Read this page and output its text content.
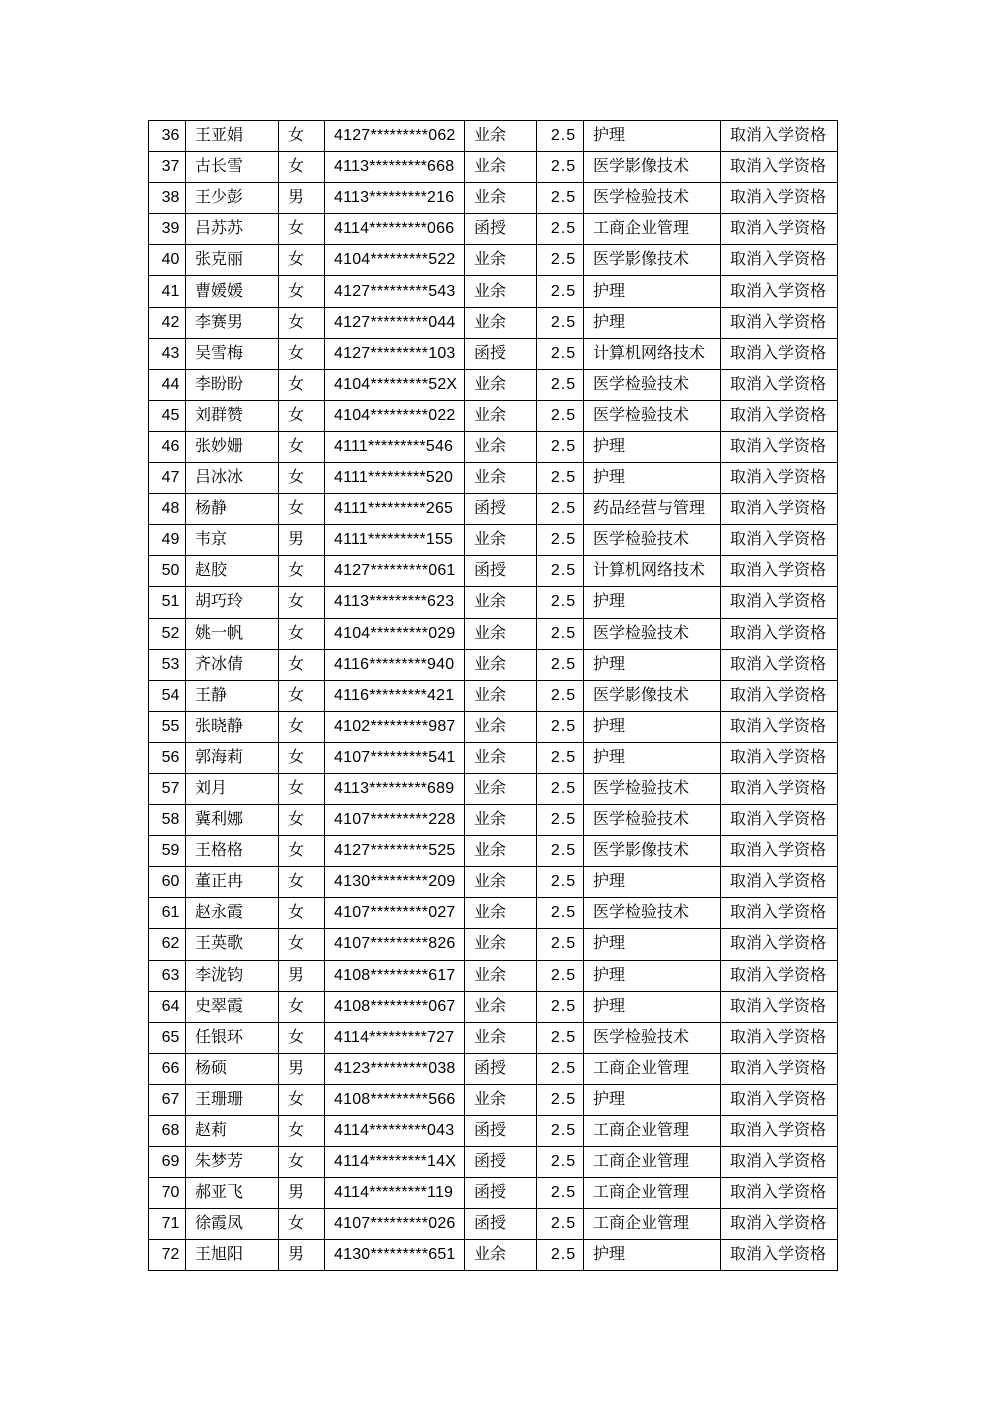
36	王亚娟	女	4127*********062	业余	2.5	护理	取消入学资格
37	古长雪	女	4113*********668	业余	2.5	医学影像技术	取消入学资格
38	王少彭	男	4113*********216	业余	2.5	医学检验技术	取消入学资格
39	吕苏苏	女	4114*********066	函授	2.5	工商企业管理	取消入学资格
40	张克丽	女	4104*********522	业余	2.5	医学影像技术	取消入学资格
41	曹媛媛	女	4127*********543	业余	2.5	护理	取消入学资格
42	李赛男	女	4127*********044	业余	2.5	护理	取消入学资格
43	吴雪梅	女	4127*********103	函授	2.5	计算机网络技术	取消入学资格
44	李盼盼	女	4104*********52X	业余	2.5	医学检验技术	取消入学资格
45	刘群赞	女	4104*********022	业余	2.5	医学检验技术	取消入学资格
46	张妙姗	女	4111*********546	业余	2.5	护理	取消入学资格
47	吕冰冰	女	4111*********520	业余	2.5	护理	取消入学资格
48	杨静	女	4111*********265	函授	2.5	药品经营与管理	取消入学资格
49	韦京	男	4111*********155	业余	2.5	医学检验技术	取消入学资格
50	赵胶	女	4127*********061	函授	2.5	计算机网络技术	取消入学资格
51	胡巧玲	女	4113*********623	业余	2.5	护理	取消入学资格
52	姚一帆	女	4104*********029	业余	2.5	医学检验技术	取消入学资格
53	齐冰倩	女	4116*********940	业余	2.5	护理	取消入学资格
54	王静	女	4116*********421	业余	2.5	医学影像技术	取消入学资格
55	张晓静	女	4102*********987	业余	2.5	护理	取消入学资格
56	郭海莉	女	4107*********541	业余	2.5	护理	取消入学资格
57	刘月	女	4113*********689	业余	2.5	医学检验技术	取消入学资格
58	冀利娜	女	4107*********228	业余	2.5	医学检验技术	取消入学资格
59	王格格	女	4127*********525	业余	2.5	医学影像技术	取消入学资格
60	董正冉	女	4130*********209	业余	2.5	护理	取消入学资格
61	赵永霞	女	4107*********027	业余	2.5	医学检验技术	取消入学资格
62	王英歌	女	4107*********826	业余	2.5	护理	取消入学资格
63	李泷钧	男	4108*********617	业余	2.5	护理	取消入学资格
64	史翠霞	女	4108*********067	业余	2.5	护理	取消入学资格
65	任银环	女	4114*********727	业余	2.5	医学检验技术	取消入学资格
66	杨硕	男	4123*********038	函授	2.5	工商企业管理	取消入学资格
67	王珊珊	女	4108*********566	业余	2.5	护理	取消入学资格
68	赵莉	女	4114*********043	函授	2.5	工商企业管理	取消入学资格
69	朱梦芳	女	4114*********14X	函授	2.5	工商企业管理	取消入学资格
70	郝亚飞	男	4114*********119	函授	2.5	工商企业管理	取消入学资格
71	徐霞凤	女	4107*********026	函授	2.5	工商企业管理	取消入学资格
72	王旭阳	男	4130*********651	业余	2.5	护理	取消入学资格
